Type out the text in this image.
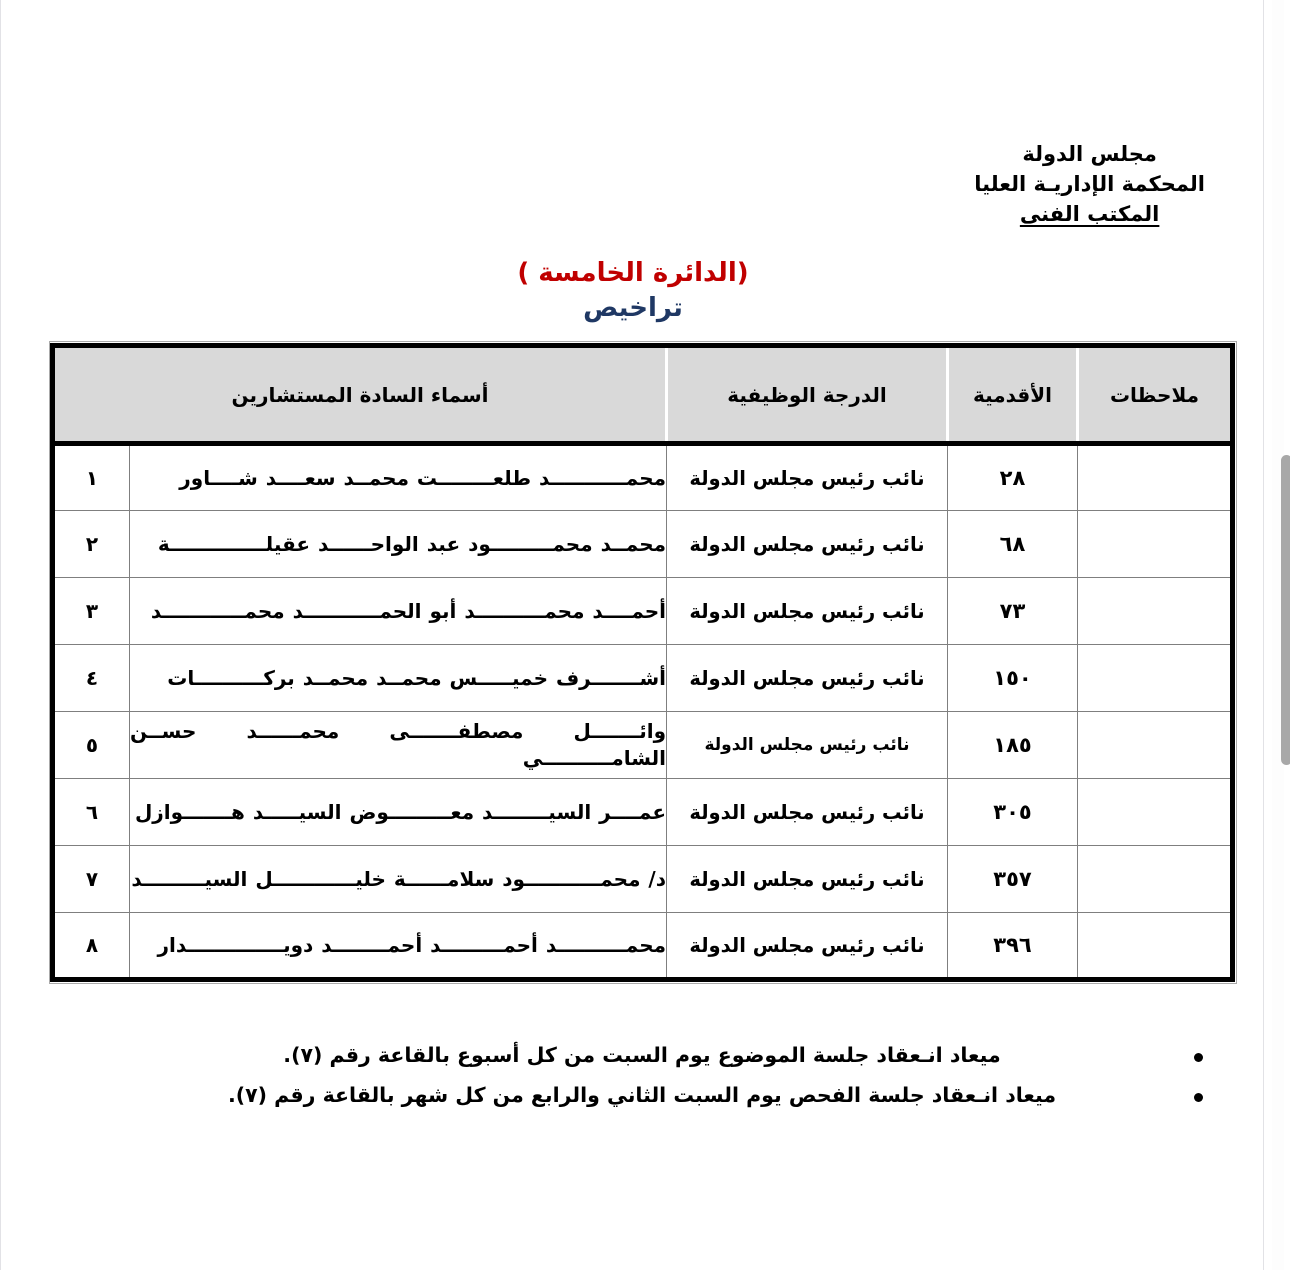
مجلس الدولة
المحكمة الإداريـة العليا
المكتب الفنى
(الدائرة الخامسة )
تراخيص
ملاحظات	الأقدمية	الدرجة الوظيفية	أسماء السادة المستشارين	
	٢٨	نائب رئيس مجلس الدولة	محمـــــــــــد طلعــــــــت محمــد سعــــد شــــاور	١
	٦٨	نائب رئيس مجلس الدولة	محمــد محمـــــــــود عبد الواحــــــد عقيلــــــــــــــة	٢
	٧٣	نائب رئيس مجلس الدولة	أحمــــد محمــــــــــد أبو الحمـــــــــــد محمــــــــــــد	٣
	١٥٠	نائب رئيس مجلس الدولة	أشـــــــرف خميـــــس محمــد محمــد بركــــــــــات	٤
	١٨٥	نائب رئيس مجلس الدولة	وائـــــــل مصطفـــــــى محمــــــد حســن الشامــــــــــي	٥
	٣٠٥	نائب رئيس مجلس الدولة	عمــــر السيــــــــد معـــــــــوض السيـــــد هـــــــوازل	٦
	٣٥٧	نائب رئيس مجلس الدولة	د/ محمـــــــــــود سلامــــــة خليــــــــــــل السيـــــــــد	٧
	٣٩٦	نائب رئيس مجلس الدولة	محمــــــــــد أحمـــــــــد أحمــــــــد دويــــــــــــــدار	٨
ميعاد انـعقاد جلسة الموضوع يوم السبت من كل أسبوع بالقاعة رقم (٧).
ميعاد انـعقاد جلسة الفحص يوم السبت الثاني والرابع من كل شهر بالقاعة رقم (٧).
